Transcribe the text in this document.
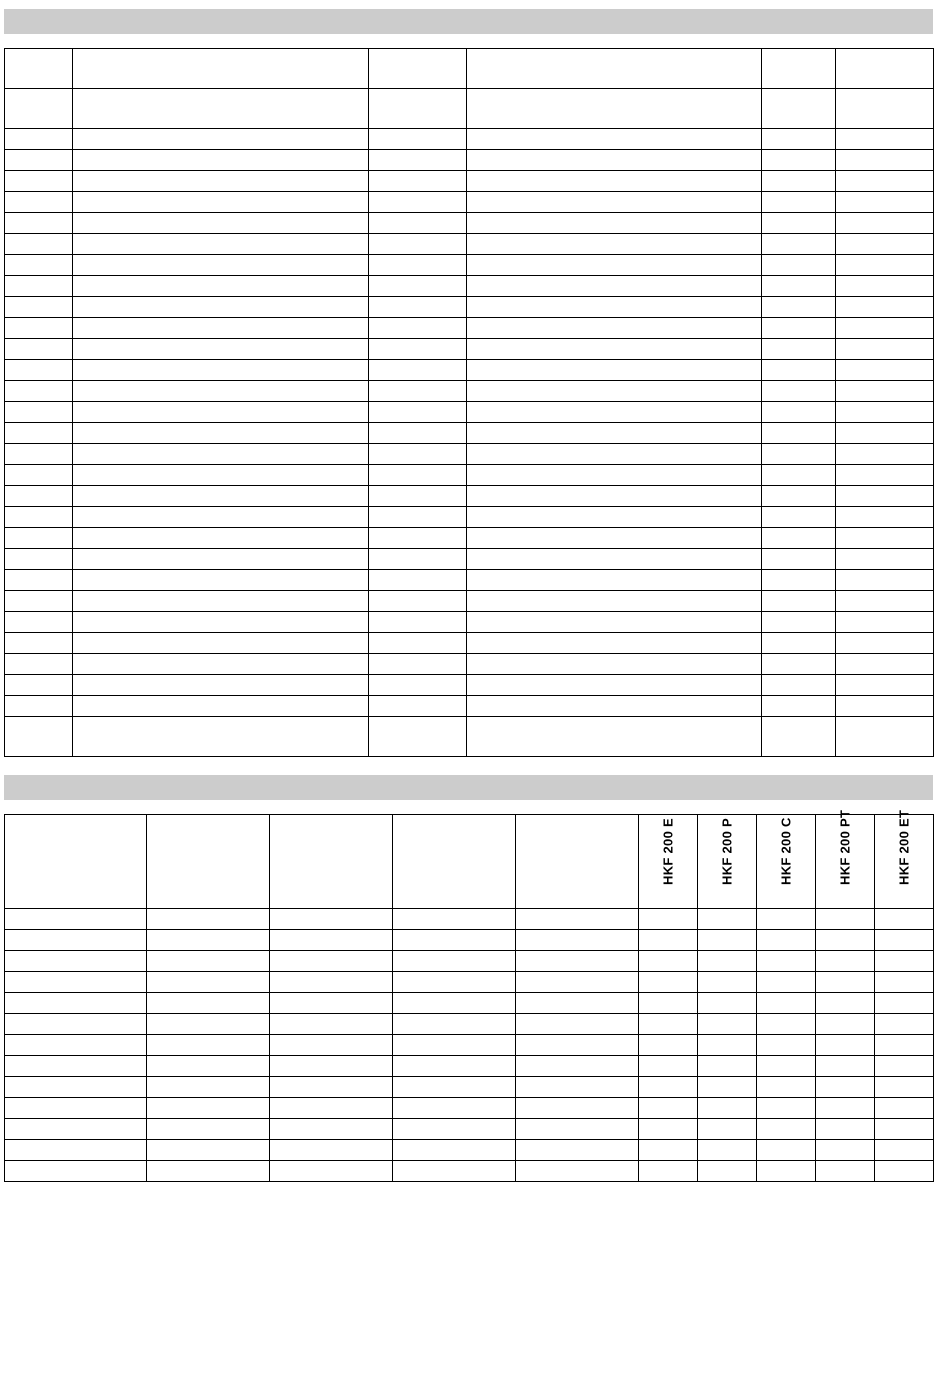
					HKF 200 E	HKF 200 P	HKF 200 C	HKF 200 PT	HKF 200 ET
